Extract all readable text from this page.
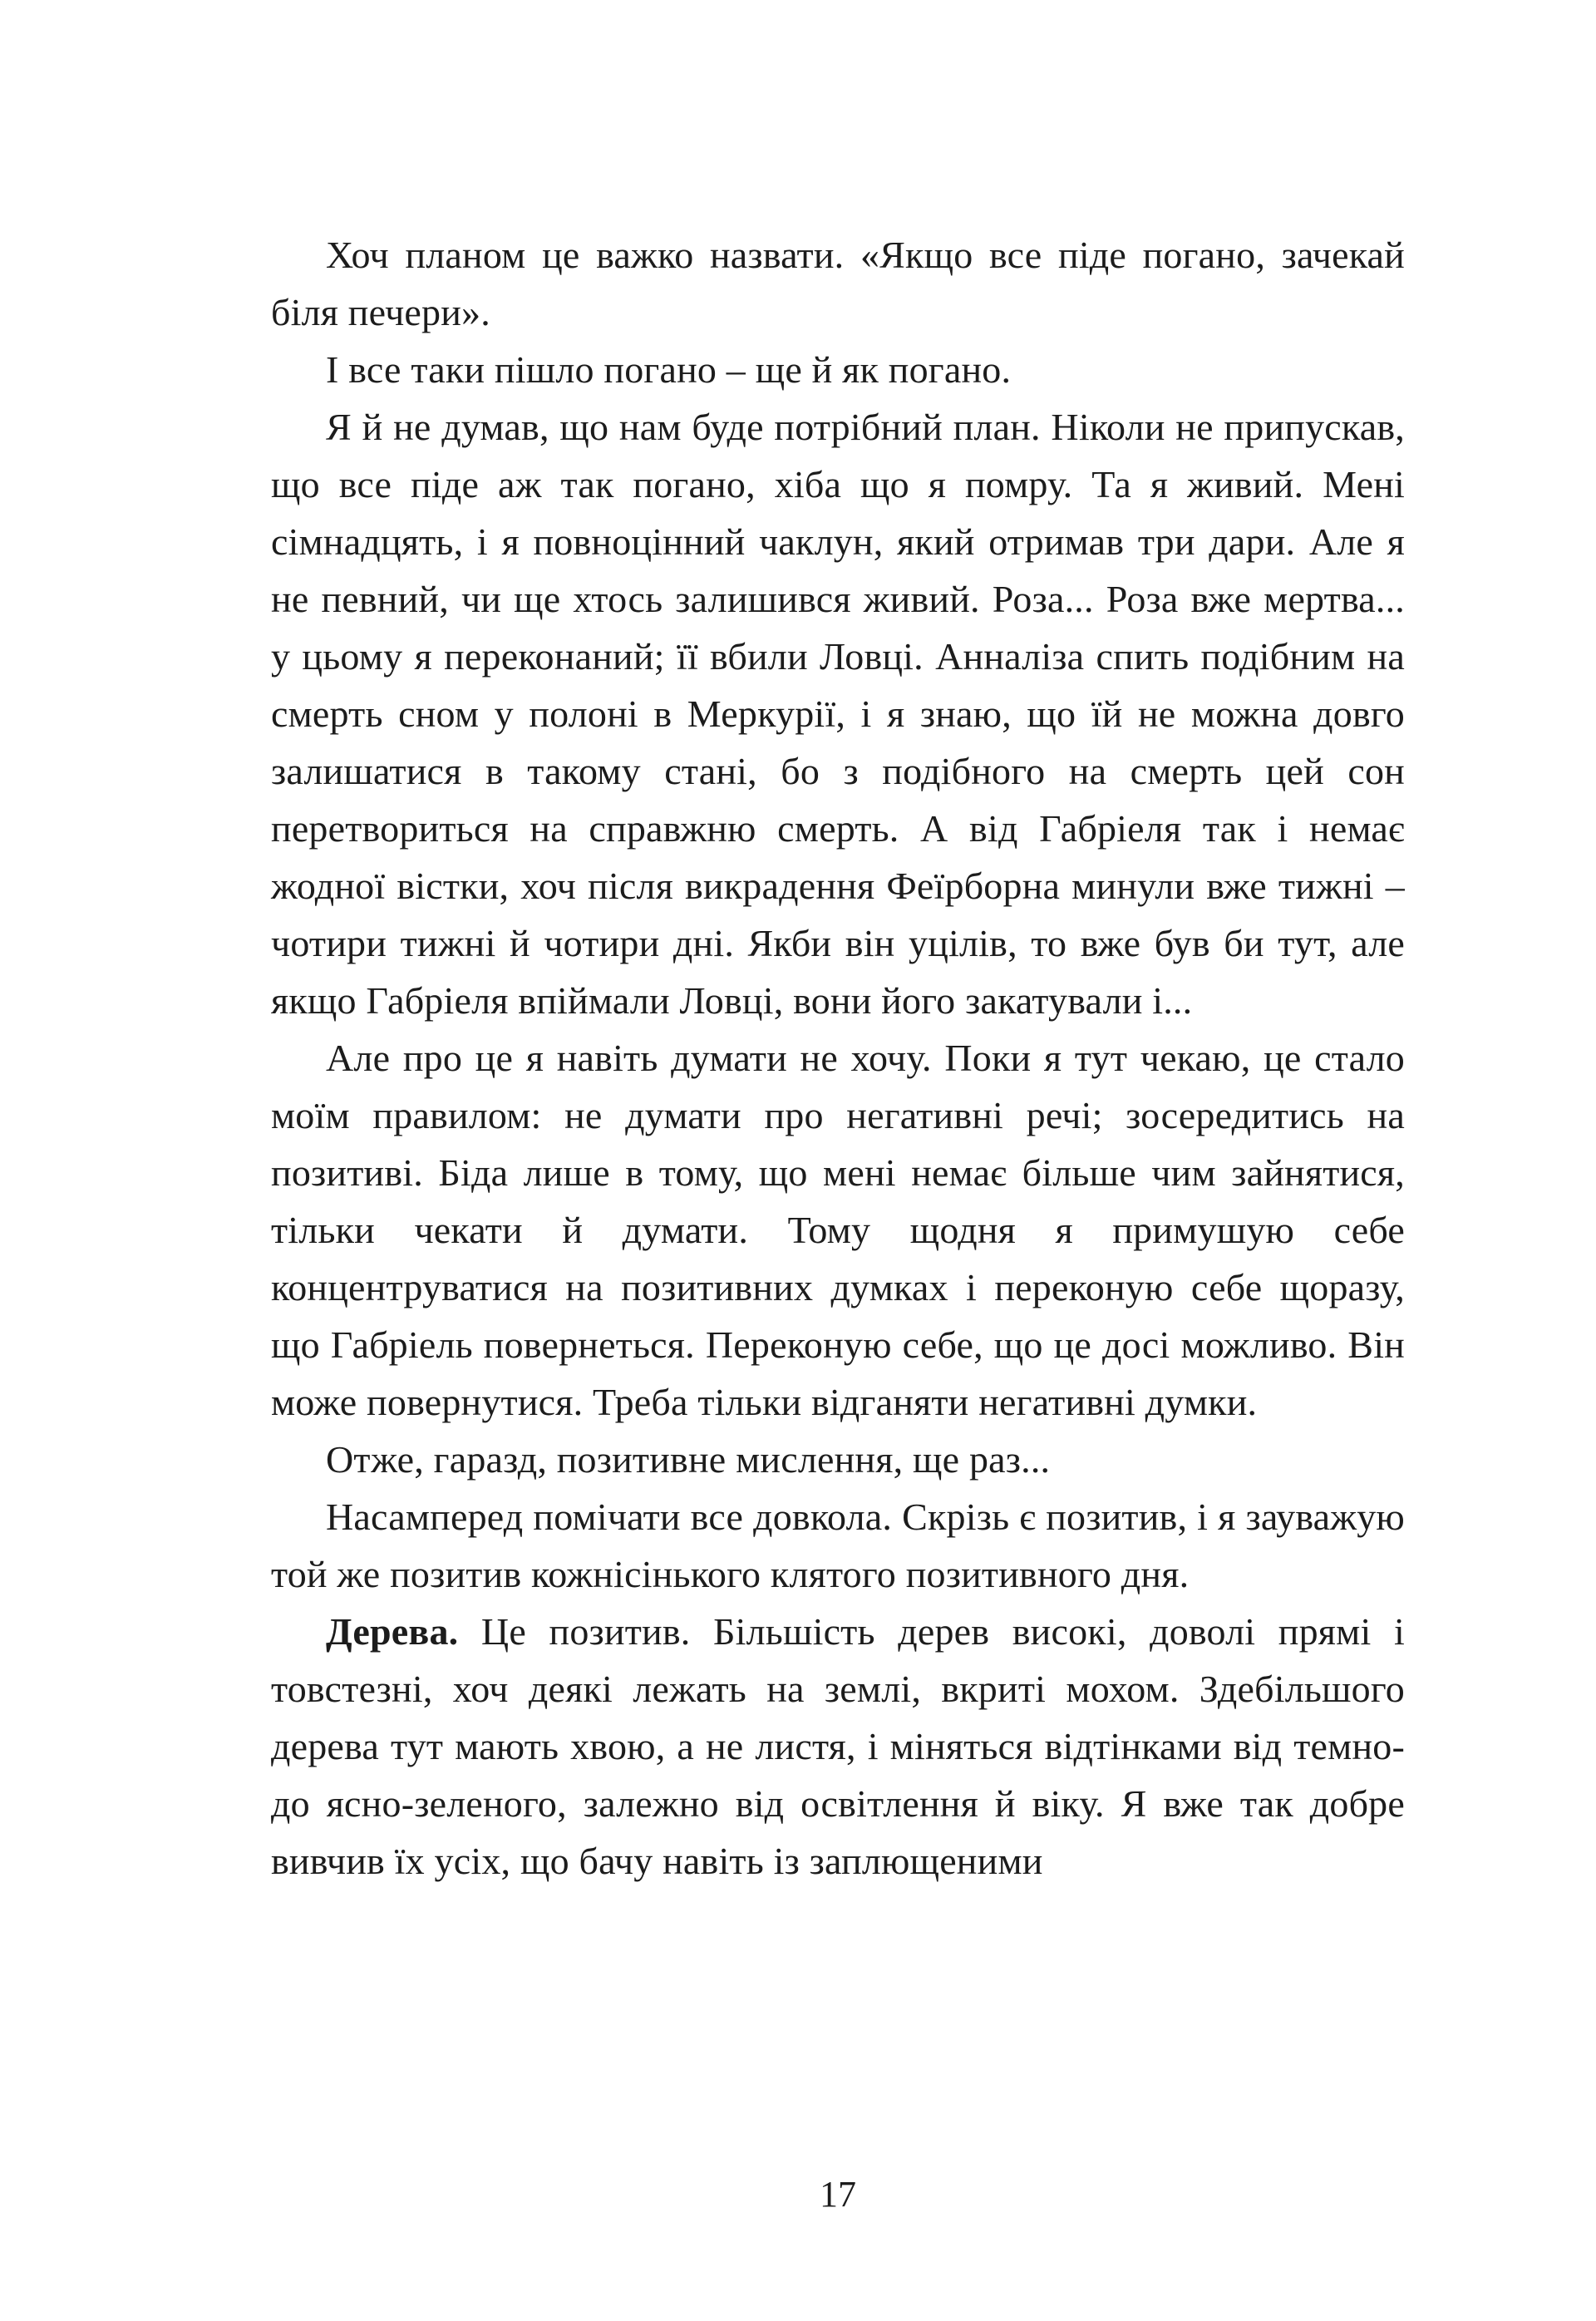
Хоч планом це важко назвати. «Якщо все піде погано, зачекай біля печери».

І все таки пішло погано – ще й як погано.

Я й не думав, що нам буде потрібний план. Ніколи не припускав, що все піде аж так погано, хіба що я помру. Та я живий. Мені сімнадцять, і я повноцінний чаклун, який отримав три дари. Але я не певний, чи ще хтось залишився живий. Роза... Роза вже мертва... у цьому я переконаний; її вбили Ловці. Анналіза спить подібним на смерть сном у полоні в Меркурії, і я знаю, що їй не можна довго залишатися в такому стані, бо з подібного на смерть цей сон перетвориться на справжню смерть. А від Габріеля так і немає жодної вістки, хоч після викрадення Феїрборна минули вже тижні – чотири тижні й чотири дні. Якби він уцілів, то вже був би тут, але якщо Габріеля впіймали Ловці, вони його закатували і...

Але про це я навіть думати не хочу. Поки я тут чекаю, це стало моїм правилом: не думати про негативні речі; зосередитись на позитиві. Біда лише в тому, що мені немає більше чим зайнятися, тільки чекати й думати. Тому щодня я примушую себе концентруватися на позитивних думках і переконую себе щоразу, що Габріель повернеться. Переконую себе, що це досі можливо. Він може повернутися. Треба тільки відганяти негативні думки.

Отже, гаразд, позитивне мислення, ще раз...

Насамперед помічати все довкола. Скрізь є позитив, і я зауважую той же позитив кожнісінького клятого позитивного дня.

Дерева. Це позитив. Більшість дерев високі, доволі прямі і товстезні, хоч деякі лежать на землі, вкриті мохом. Здебільшого дерева тут мають хвою, а не листя, і міняться відтінками від темно- до ясно-зеленого, залежно від освітлення й віку. Я вже так добре вивчив їх усіх, що бачу навіть із заплющеними

17
